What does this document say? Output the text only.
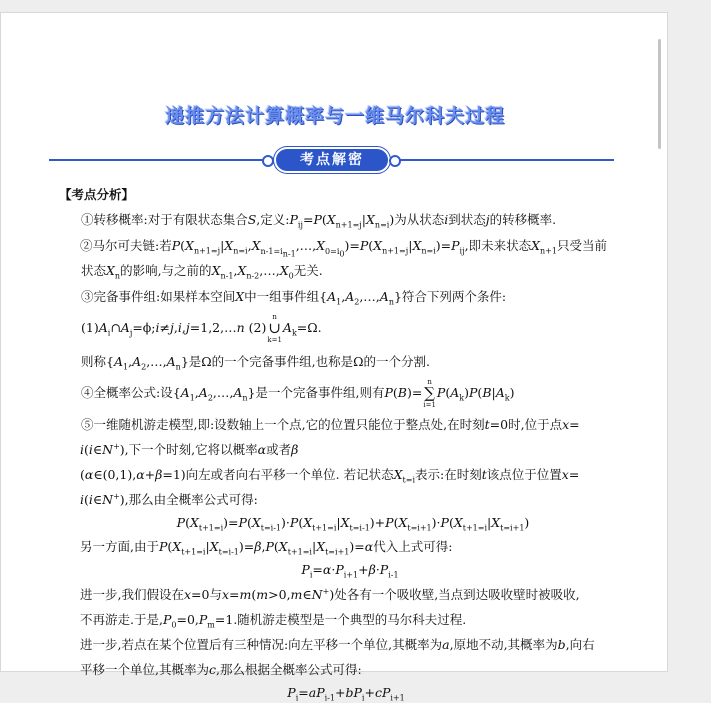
递推方法计算概率与一维马尔科夫过程
考点解密
【考点分析】

①转移概率:对于有限状态集合S,定义$:P_{ij}=P(X_{n+1=j}|X_{n=i})$为从状态i到状态j的转移概率.

②马尔可夫链:若$P(X_{n+1=j}|X_{n=i},X_{n-1=i_{n-1}},\dots,X_{0=i_0})=P(X_{n+1=j}|X_{n=i})=P_{ij}$,即未来状态$X_{n+1}$只受当前

状态$X_n$的影响,与之前的$X_{n-1},X_{n-2},\dots,X_0$无关.

③完备事件组:如果样本空间X中一组事件组$\{A_1,A_2,\dots,A_n\}$符合下列两个条件:

$(1)A_i\cap A_j=\phi;i\ne j,i,j=1,2,\dots n$ (2)
n
∪
k=1
$A_k=\Omega$.

则称$\{A_1,A_2,\dots,A_n\}$是Ω的一个完备事件组,也称是Ω的一个分割.

④全概率公式:设$\{A_1,A_2,\dots,A_n\}$是一个完备事件组,则有P(B)=
n
∑
i=1
$P(A_k)P(B|A_k)$

⑤一维随机游走模型,即:设数轴上一个点,它的位置只能位于整点处,在时刻t=0时,位于点x=

i(i∈N+),下一个时刻,它将以概率α或者β

(α∈(0,1),α+β=1)向左或者向右平移一个单位. 若记状态$X_{t=i}$表示:在时刻t该点位于位置x=

i(i∈N+),那么由全概率公式可得:

$P(X_{t+1=i})=P(X_{t=i-1})\cdot P(X_{t+1=i}|X_{t=i-1})+P(X_{t=i+1})\cdot P(X_{t+1=i}|X_{t=i+1})$

另一方面,由于$P(X_{t+1=i}|X_{t=i-1})=\beta,P(X_{t+1=i}|X_{t=i+1})=\alpha$代入上式可得:

$P_i=\alpha\cdot P_{i+1}+\beta\cdot P_{i-1}$

进一步,我们假设在x=0与x=m(m>0,m∈N+)处各有一个吸收壁,当点到达吸收壁时被吸收,

不再游走.于是$,P_0=0,P_m=1$.随机游走模型是一个典型的马尔科夫过程.

进一步,若点在某个位置后有三种情况:向左平移一个单位,其概率为a,原地不动,其概率为b,向右

平移一个单位,其概率为c,那么根据全概率公式可得:

$P_i=aP_{i-1}+bP_i+cP_{i+1}$
